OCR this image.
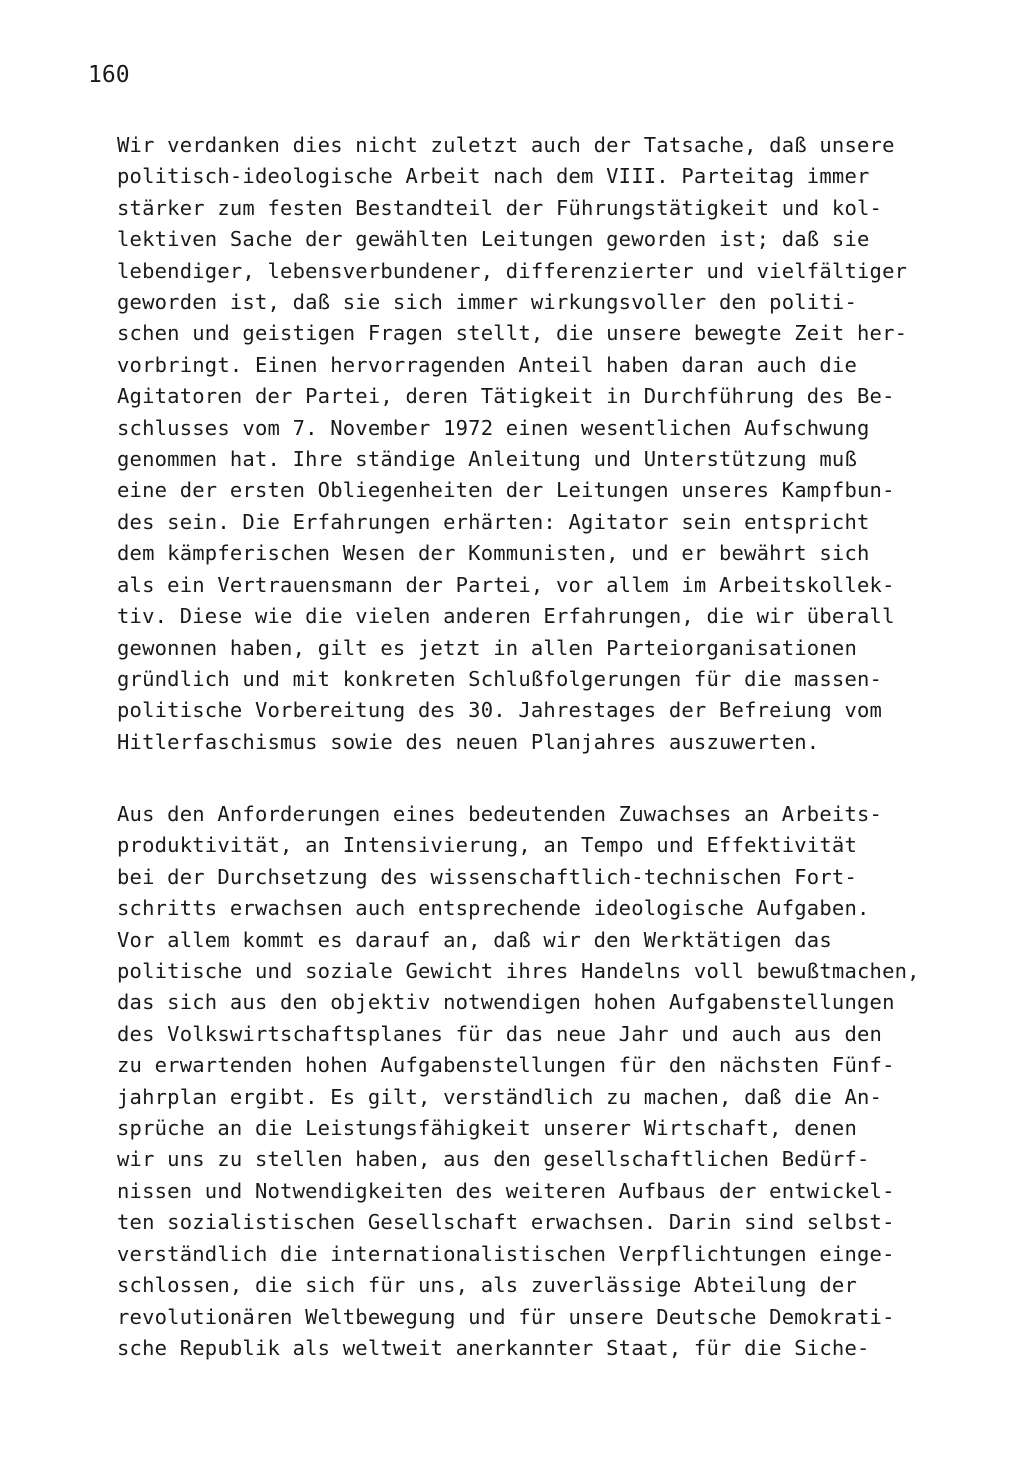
160
Wir verdanken dies nicht zuletzt auch der Tatsache, daß unsere
politisch-ideologische Arbeit nach dem VIII. Parteitag immer
stärker zum festen Bestandteil der Führungstätigkeit und kol-
lektiven Sache der gewählten Leitungen geworden ist; daß sie
lebendiger, lebensverbundener, differenzierter und vielfältiger
geworden ist, daß sie sich immer wirkungsvoller den politi-
schen und geistigen Fragen stellt, die unsere bewegte Zeit her-
vorbringt. Einen hervorragenden Anteil haben daran auch die
Agitatoren der Partei, deren Tätigkeit in Durchführung des Be-
schlusses vom 7. November 1972 einen wesentlichen Aufschwung
genommen hat. Ihre ständige Anleitung und Unterstützung muß
eine der ersten Obliegenheiten der Leitungen unseres Kampfbun-
des sein. Die Erfahrungen erhärten: Agitator sein entspricht
dem kämpferischen Wesen der Kommunisten, und er bewährt sich
als ein Vertrauensmann der Partei, vor allem im Arbeitskollek-
tiv. Diese wie die vielen anderen Erfahrungen, die wir überall
gewonnen haben, gilt es jetzt in allen Parteiorganisationen
gründlich und mit konkreten Schlußfolgerungen für die massen-
politische Vorbereitung des 30. Jahrestages der Befreiung vom
Hitlerfaschismus sowie des neuen Planjahres auszuwerten.
Aus den Anforderungen eines bedeutenden Zuwachses an Arbeits-
produktivität, an Intensivierung, an Tempo und Effektivität
bei der Durchsetzung des wissenschaftlich-technischen Fort-
schritts erwachsen auch entsprechende ideologische Aufgaben.
Vor allem kommt es darauf an, daß wir den Werktätigen das
politische und soziale Gewicht ihres Handelns voll bewußtmachen,
das sich aus den objektiv notwendigen hohen Aufgabenstellungen
des Volkswirtschaftsplanes für das neue Jahr und auch aus den
zu erwartenden hohen Aufgabenstellungen für den nächsten Fünf-
jahrplan ergibt. Es gilt, verständlich zu machen, daß die An-
sprüche an die Leistungsfähigkeit unserer Wirtschaft, denen
wir uns zu stellen haben, aus den gesellschaftlichen Bedürf-
nissen und Notwendigkeiten des weiteren Aufbaus der entwickel-
ten sozialistischen Gesellschaft erwachsen. Darin sind selbst-
verständlich die internationalistischen Verpflichtungen einge-
schlossen, die sich für uns, als zuverlässige Abteilung der
revolutionären Weltbewegung und für unsere Deutsche Demokrati-
sche Republik als weltweit anerkannter Staat, für die Siche-
